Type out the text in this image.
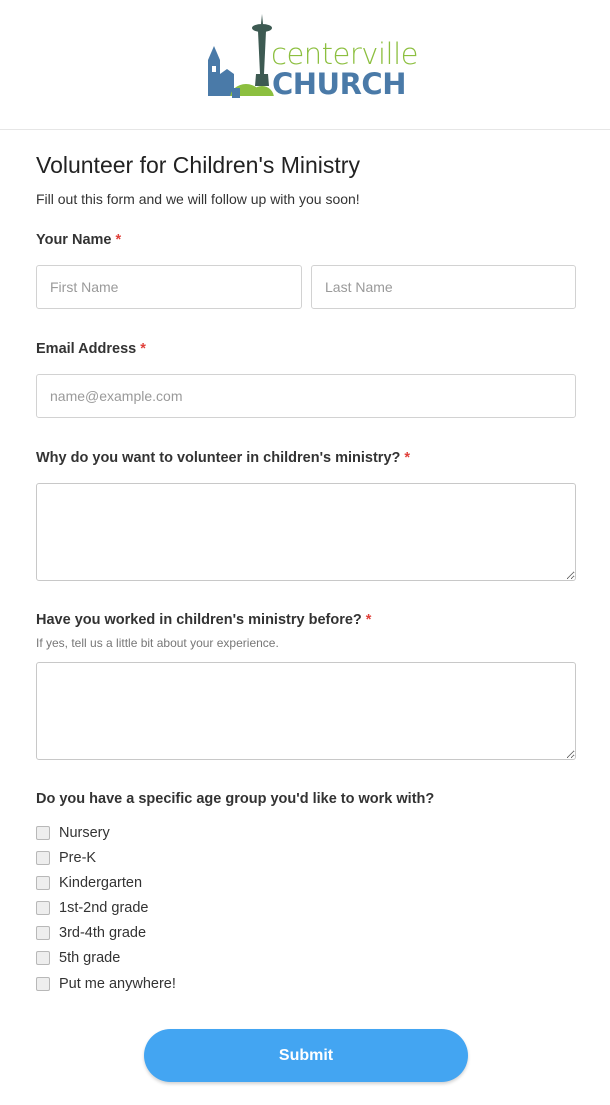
centerville
CHURCH
Volunteer for Children's Ministry

Fill out this form and we will follow up with you soon!

Your Name *
First Name
Last Name
Email Address *
name@example.com
Why do you want to volunteer in children's ministry? *
Have you worked in children's ministry before? *
If yes, tell us a little bit about your experience.
Do you have a specific age group you'd like to work with?
Nursery
Pre-K
Kindergarten
1st-2nd grade
3rd-4th grade
5th grade
Put me anywhere!
Submit
